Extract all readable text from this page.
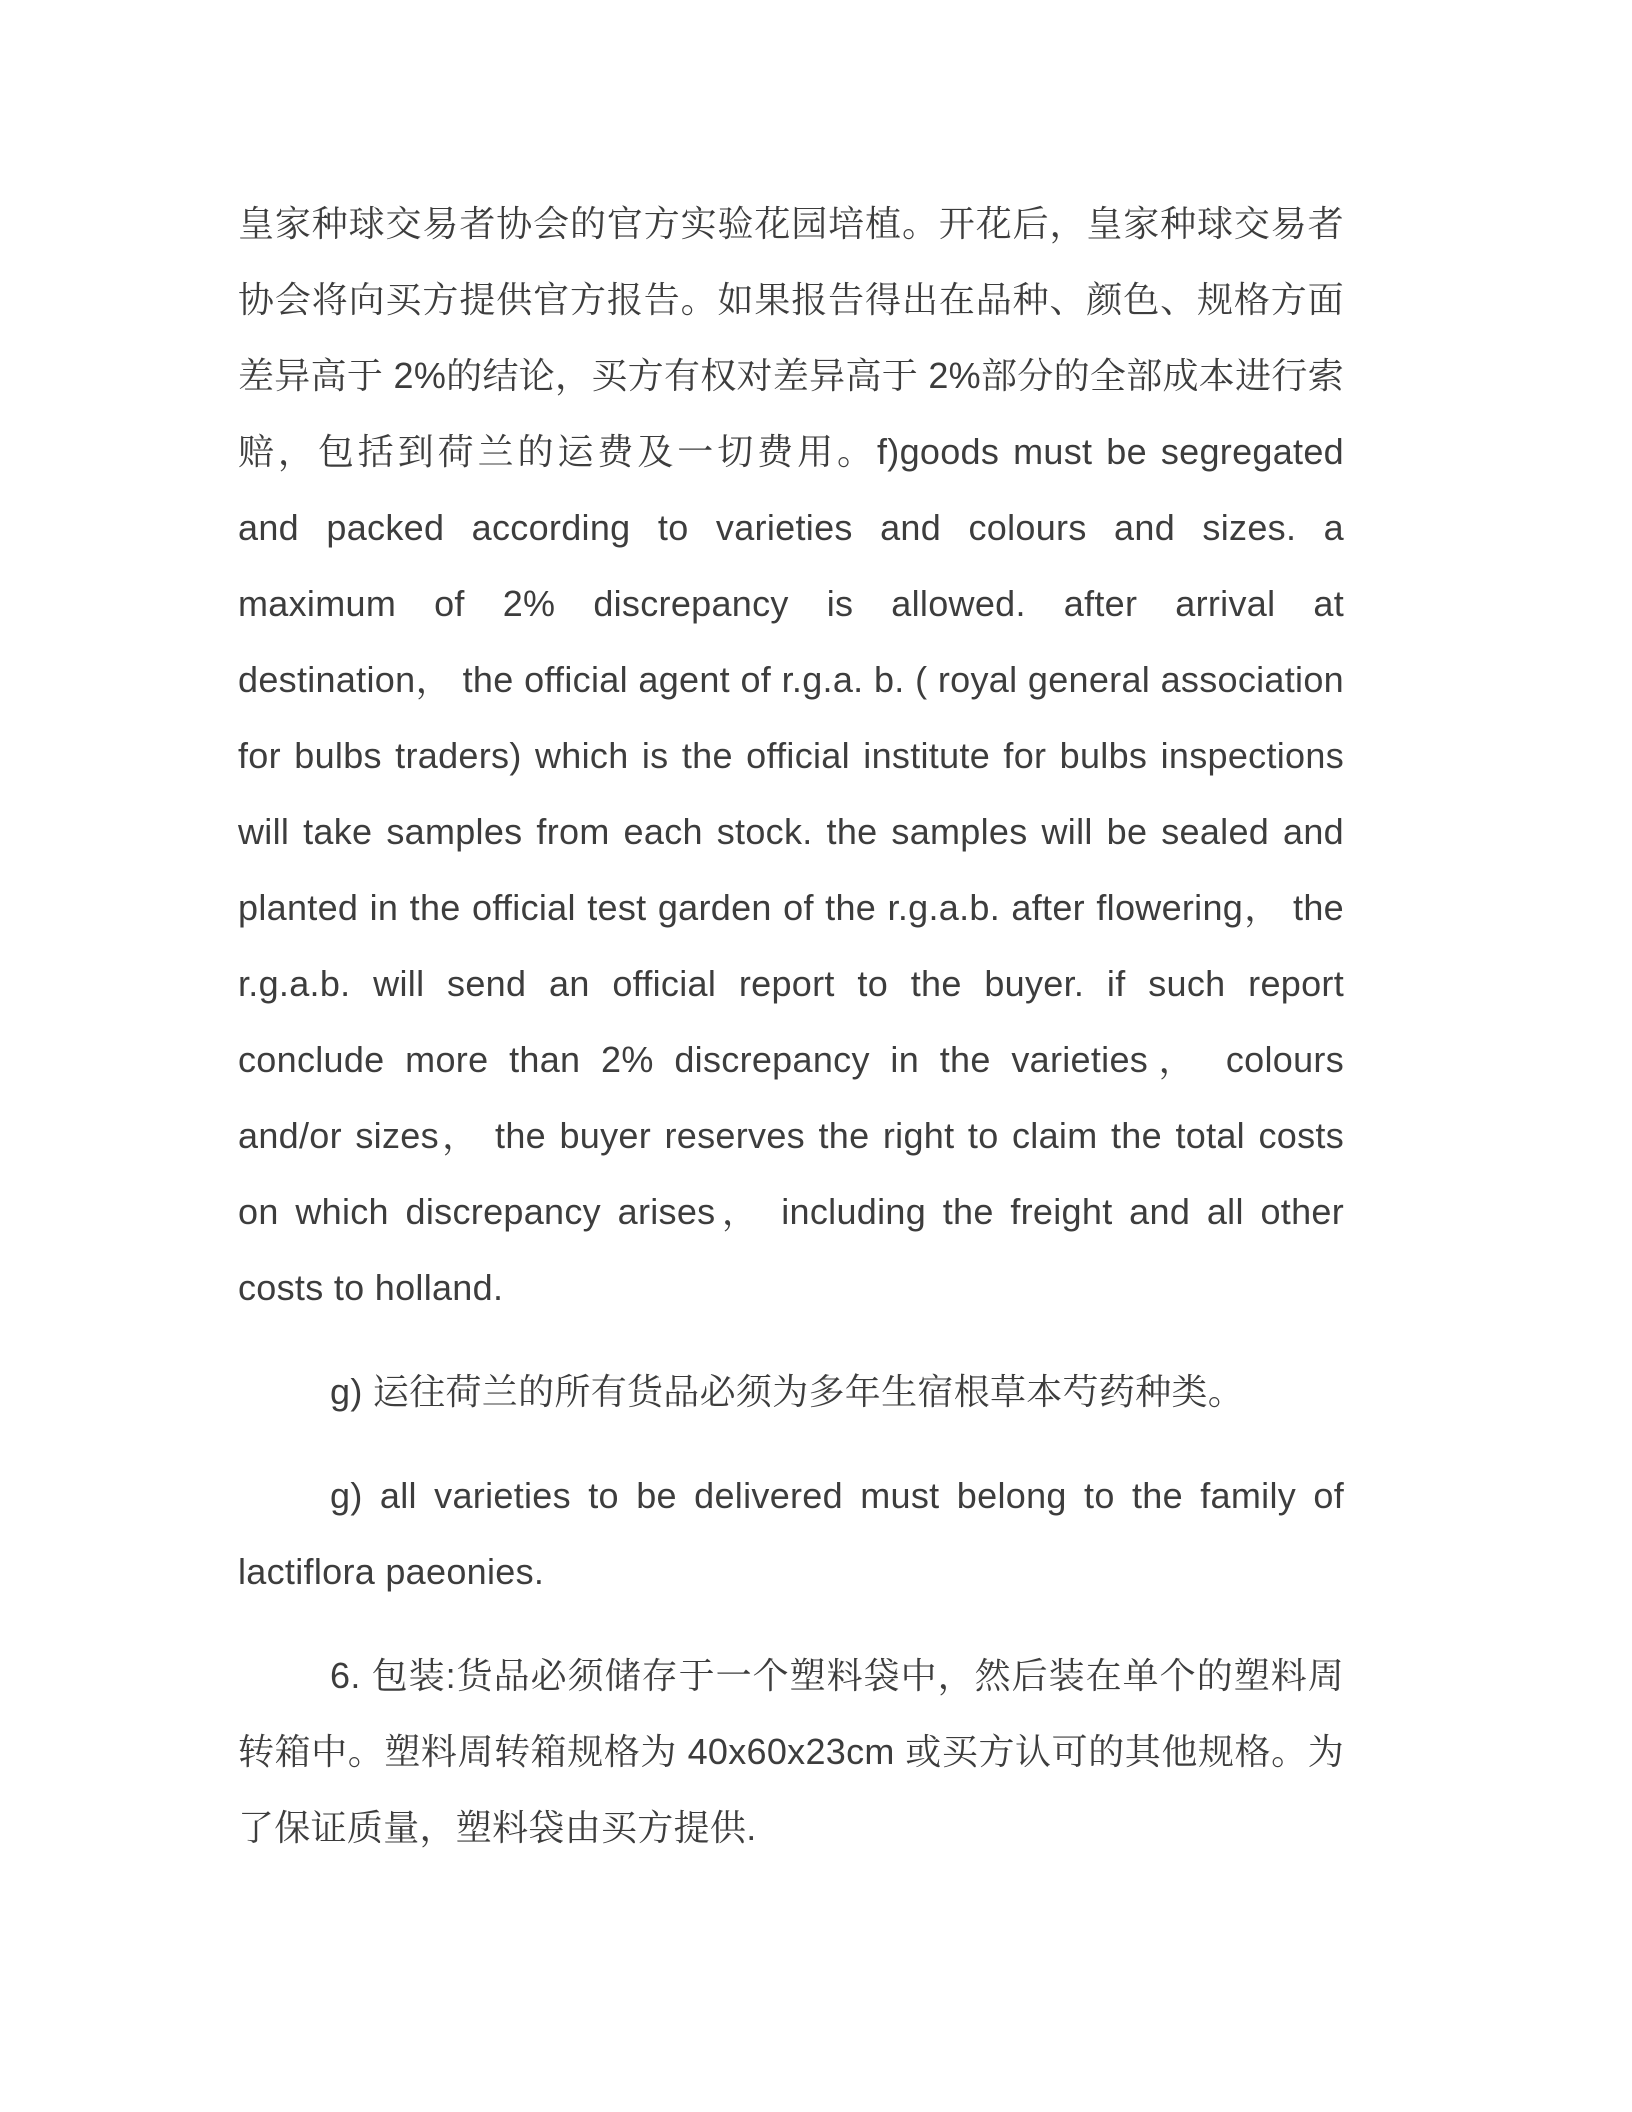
皇家种球交易者协会的官方实验花园培植。开花后，皇家种球交易者协会将向买方提供官方报告。如果报告得出在品种、颜色、规格方面差异高于 2%的结论，买方有权对差异高于 2%部分的全部成本进行索赔，包括到荷兰的运费及一切费用。f)goods must be segregated and packed according to varieties and colours and sizes. a maximum of 2% discrepancy is allowed. after arrival at destination， the official agent of r.g.a. b. ( royal general association for bulbs traders) which is the official institute for bulbs inspections will take samples from each stock. the samples will be sealed and planted in the official test garden of the r.g.a.b. after flowering， the r.g.a.b. will send an official report to the buyer. if such report conclude more than 2% discrepancy in the varieties， colours and/or sizes， the buyer reserves the right to claim the total costs on which discrepancy arises， including the freight and all other costs to holland.

g) 运往荷兰的所有货品必须为多年生宿根草本芍药种类。

g) all varieties to be delivered must belong to the family of lactiflora paeonies.

6. 包装:货品必须储存于一个塑料袋中，然后装在单个的塑料周转箱中。塑料周转箱规格为 40x60x23cm 或买方认可的其他规格。为了保证质量，塑料袋由买方提供.
